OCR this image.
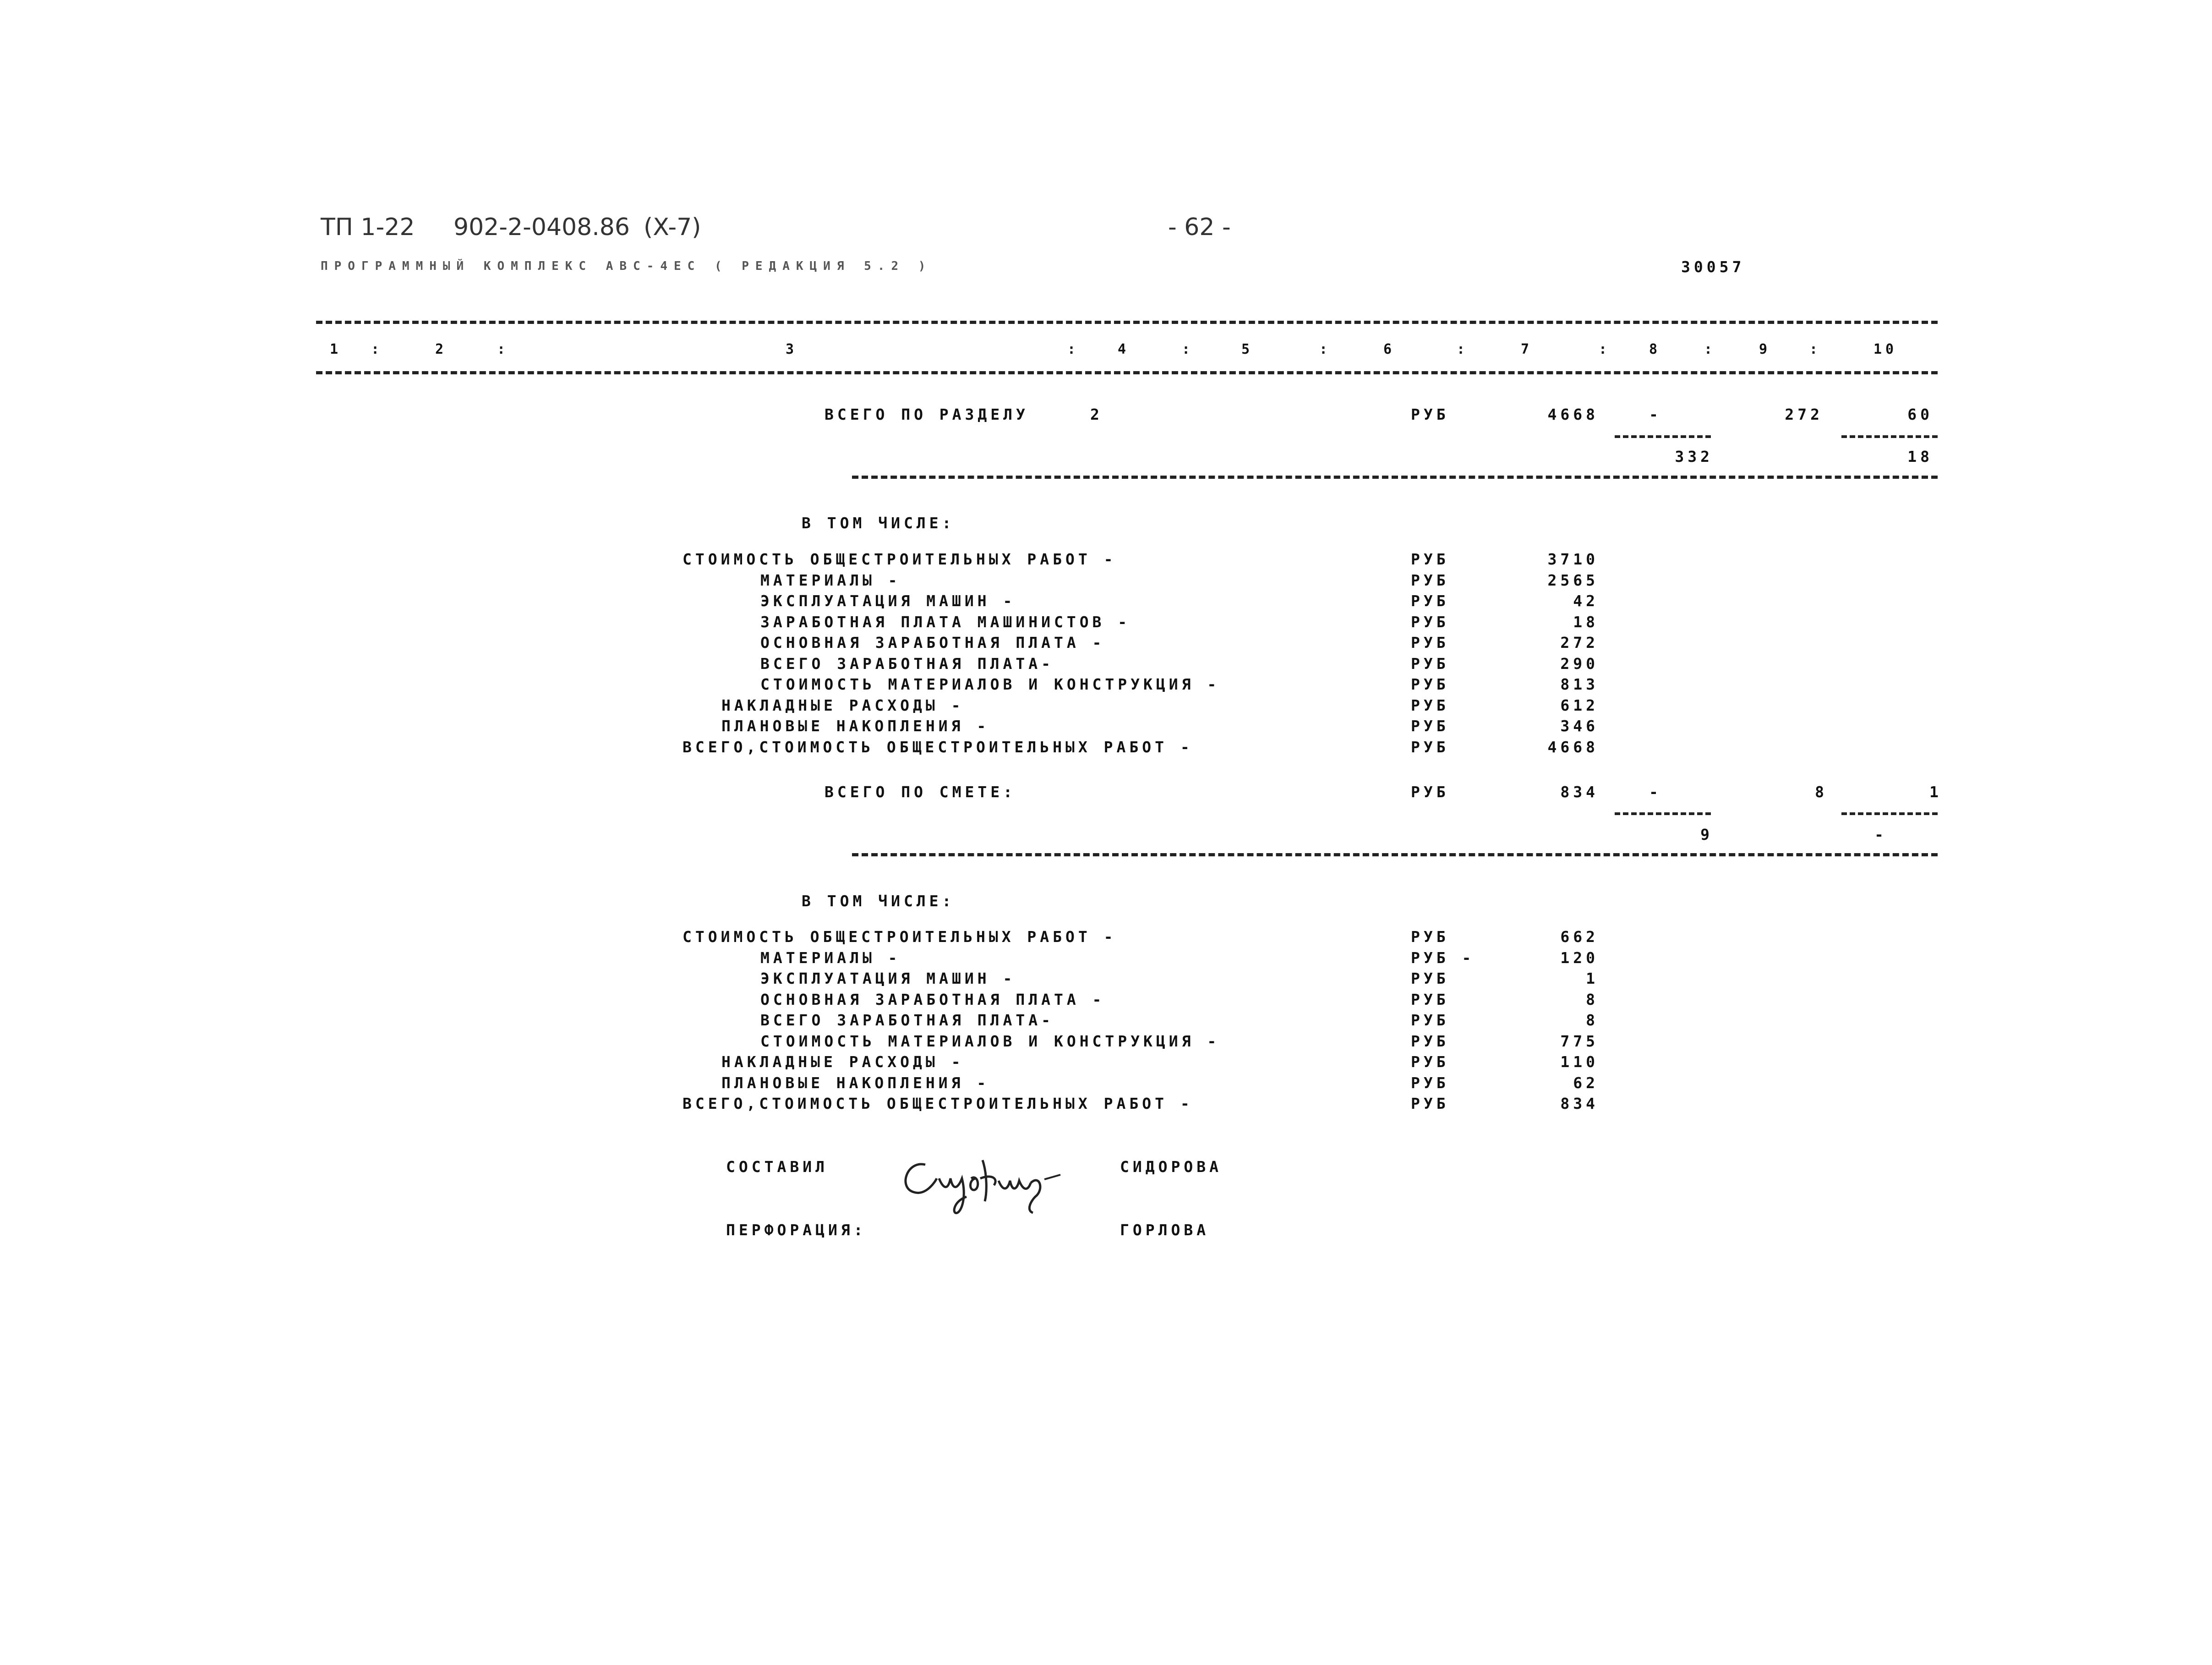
ТП 1-22 902-2-0408.86 (X-7)	- 62 -
ПРОГРАММНЫЙ КОМПЛЕКС АВС-4ЕС ( РЕДАКЦИЯ 5.2 )	30057
1	2	3	4	5	6	7	8	9	10
:	:	:	:	:	:	:	:	:
ВСЕГО ПО РАЗДЕЛУ	2	РУБ	4668	-	272	60
332	18
В ТОМ ЧИСЛЕ:
СТОИМОСТЬ ОБЩЕСТРОИТЕЛЬНЫХ РАБОТ -	РУБ	3710
МАТЕРИАЛЫ -	РУБ	2565
ЭКСПЛУАТАЦИЯ МАШИН -	РУБ	42
ЗАРАБОТНАЯ ПЛАТА МАШИНИСТОВ -	РУБ	18
ОСНОВНАЯ ЗАРАБОТНАЯ ПЛАТА -	РУБ	272
ВСЕГО ЗАРАБОТНАЯ ПЛАТА-	РУБ	290
СТОИМОСТЬ МАТЕРИАЛОВ И КОНСТРУКЦИЯ -	РУБ	813
НАКЛАДНЫЕ РАСХОДЫ -	РУБ	612
ПЛАНОВЫЕ НАКОПЛЕНИЯ -	РУБ	346
ВСЕГО,СТОИМОСТЬ ОБЩЕСТРОИТЕЛЬНЫХ РАБОТ -	РУБ	4668
ВСЕГО ПО СМЕТЕ:	РУБ	834	-	8	1
9	-
В ТОМ ЧИСЛЕ:
СТОИМОСТЬ ОБЩЕСТРОИТЕЛЬНЫХ РАБОТ -	РУБ	662
МАТЕРИАЛЫ -	РУБ -	120
ЭКСПЛУАТАЦИЯ МАШИН -	РУБ	1
ОСНОВНАЯ ЗАРАБОТНАЯ ПЛАТА -	РУБ	8
ВСЕГО ЗАРАБОТНАЯ ПЛАТА-	РУБ	8
СТОИМОСТЬ МАТЕРИАЛОВ И КОНСТРУКЦИЯ -	РУБ	775
НАКЛАДНЫЕ РАСХОДЫ -	РУБ	110
ПЛАНОВЫЕ НАКОПЛЕНИЯ -	РУБ	62
ВСЕГО,СТОИМОСТЬ ОБЩЕСТРОИТЕЛЬНЫХ РАБОТ -	РУБ	834
СОСТАВИЛ

	СИДОРОВА
ПЕРФОРАЦИЯ:	ГОРЛОВА
